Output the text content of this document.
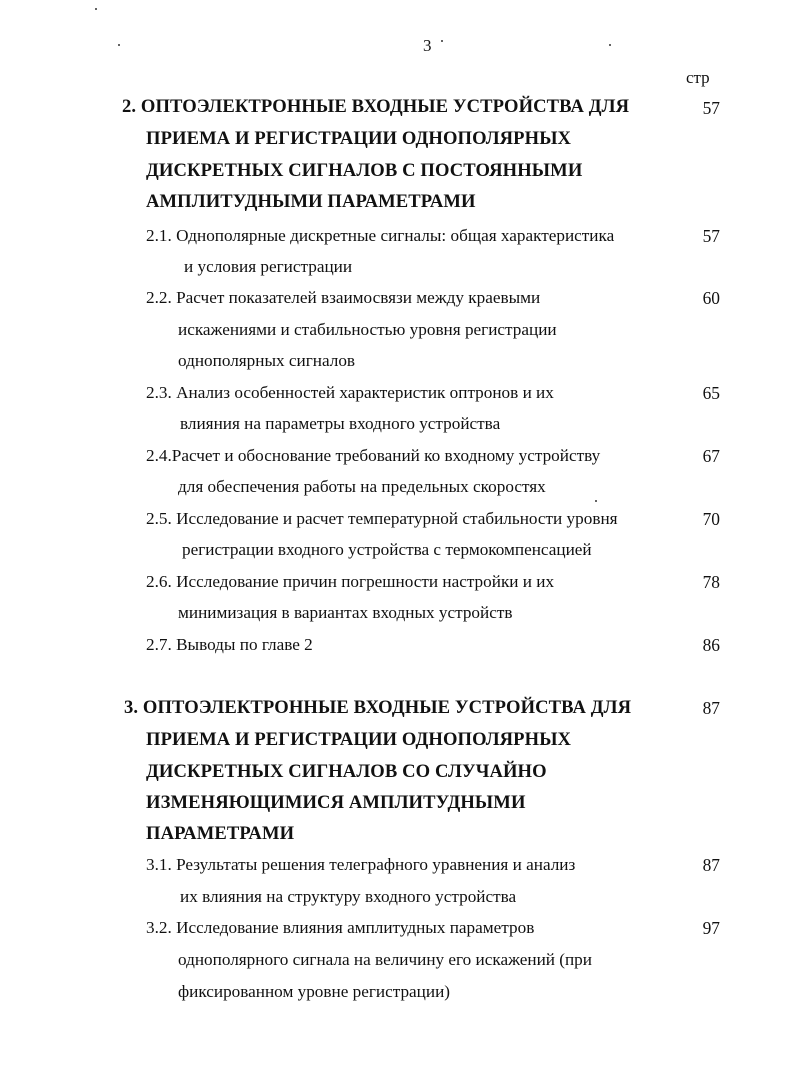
3
стр
2. ОПТОЭЛЕКТРОННЫЕ ВХОДНЫЕ УСТРОЙСТВА ДЛЯ
ПРИЕМА И РЕГИСТРАЦИИ ОДНОПОЛЯРНЫХ
ДИСКРЕТНЫХ СИГНАЛОВ С ПОСТОЯННЫМИ
АМПЛИТУДНЫМИ ПАРАМЕТРАМИ
57
2.1. Однополярные дискретные сигналы: общая характеристика
и условия регистрации
57
2.2. Расчет показателей взаимосвязи между краевыми
искажениями и стабильностью уровня регистрации
однополярных сигналов
60
2.3. Анализ особенностей характеристик оптронов и их
влияния на параметры входного устройства
65
2.4.Расчет и обоснование требований ко входному устройству
для обеспечения работы на предельных скоростях
67
2.5. Исследование и расчет температурной стабильности уровня
регистрации входного устройства с термокомпенсацией
70
2.6. Исследование причин погрешности настройки и их
минимизация в вариантах входных устройств
78
2.7. Выводы по главе 2	86
3. ОПТОЭЛЕКТРОННЫЕ ВХОДНЫЕ УСТРОЙСТВА ДЛЯ
ПРИЕМА И РЕГИСТРАЦИИ ОДНОПОЛЯРНЫХ
ДИСКРЕТНЫХ СИГНАЛОВ СО СЛУЧАЙНО
ИЗМЕНЯЮЩИМИСЯ АМПЛИТУДНЫМИ
ПАРАМЕТРАМИ
87
3.1. Результаты решения телеграфного уравнения и анализ
их влияния на структуру входного устройства
87
3.2. Исследование влияния амплитудных параметров
однополярного сигнала на величину его искажений (при
фиксированном уровне регистрации)
97
